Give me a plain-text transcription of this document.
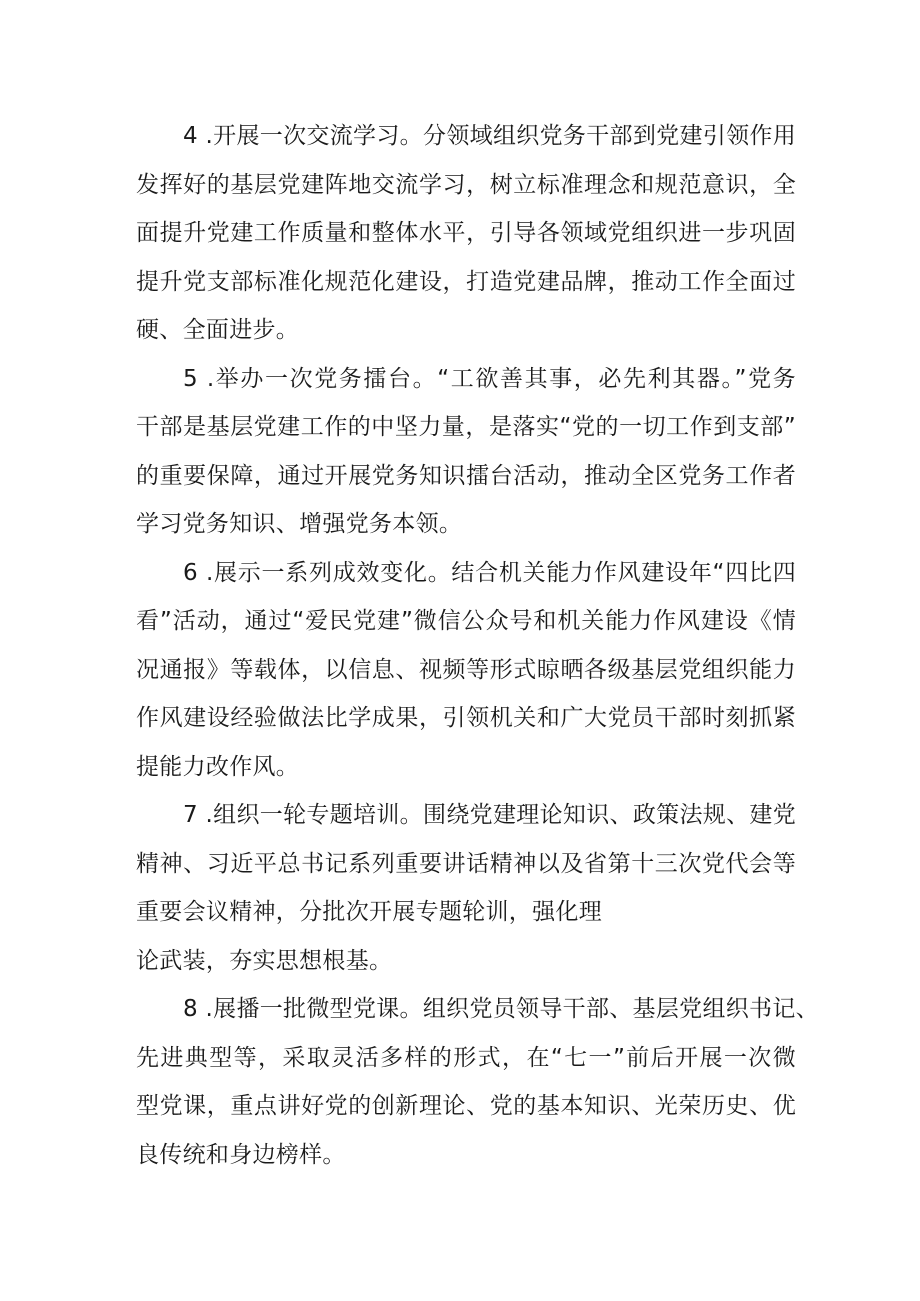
4 .开展一次交流学习。分领域组织党务干部到党建引领作用
发挥好的基层党建阵地交流学习，树立标准理念和规范意识，全
面提升党建工作质量和整体水平，引导各领域党组织进一步巩固
提升党支部标准化规范化建设，打造党建品牌，推动工作全面过
硬、全面进步。
5 .举办一次党务擂台。“工欲善其事，必先利其器。”党务
干部是基层党建工作的中坚力量，是落实“党的一切工作到支部”
的重要保障，通过开展党务知识擂台活动，推动全区党务工作者
学习党务知识、增强党务本领。
6 .展示一系列成效变化。结合机关能力作风建设年“四比四
看”活动，通过“爱民党建”微信公众号和机关能力作风建设《情
况通报》等载体，以信息、视频等形式晾晒各级基层党组织能力
作风建设经验做法比学成果，引领机关和广大党员干部时刻抓紧
提能力改作风。
7 .组织一轮专题培训。围绕党建理论知识、政策法规、建党
精神、习近平总书记系列重要讲话精神以及省第十三次党代会等
重要会议精神，分批次开展专题轮训，强化理
论武装，夯实思想根基。
8 .展播一批微型党课。组织党员领导干部、基层党组织书记、
先进典型等，采取灵活多样的形式，在“七一”前后开展一次微
型党课，重点讲好党的创新理论、党的基本知识、光荣历史、优
良传统和身边榜样。
